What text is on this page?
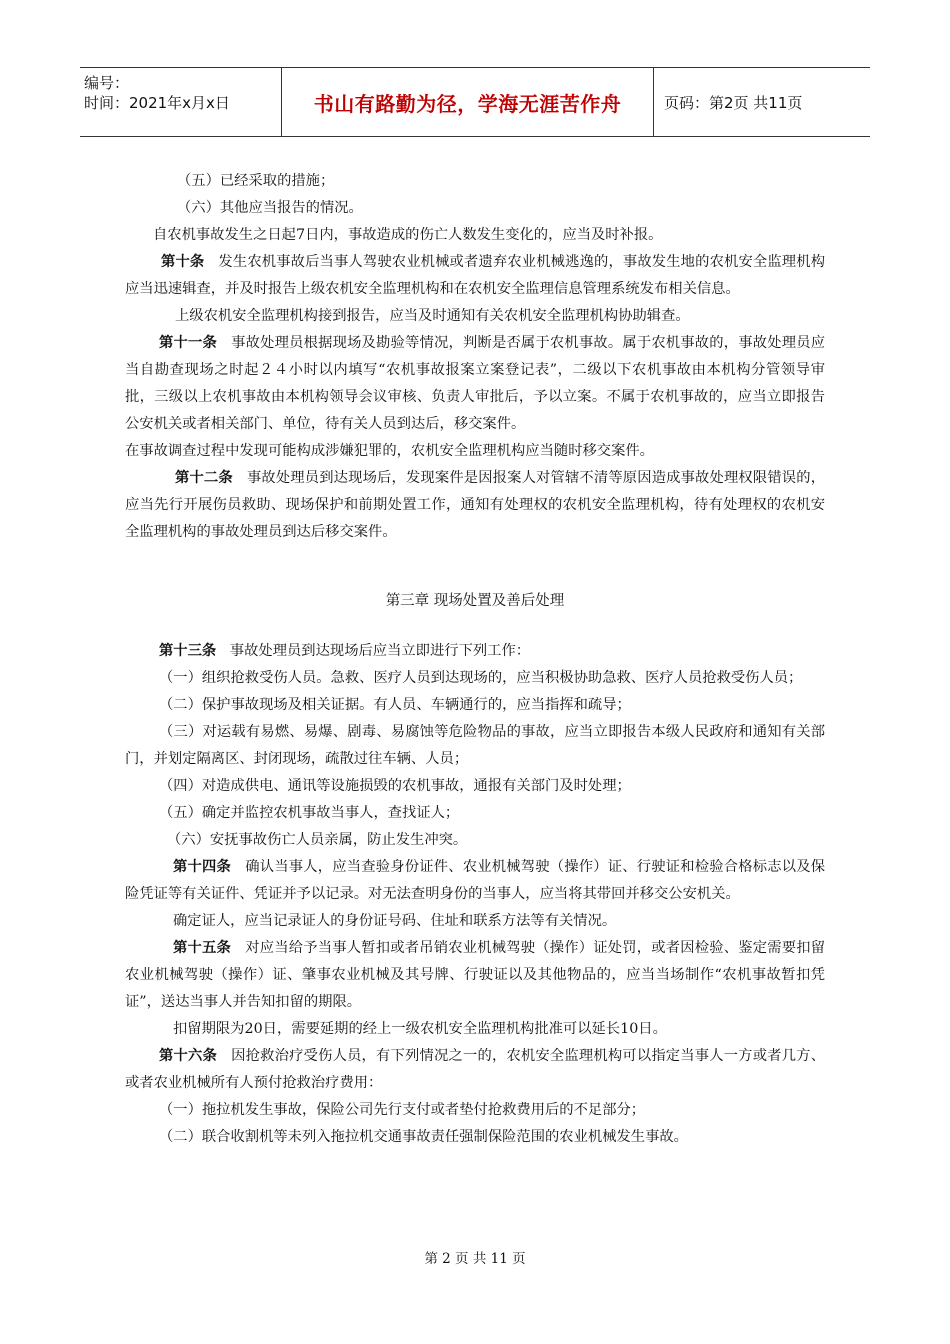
编号：
时间：2021年x月x日	书山有路勤为径，学海无涯苦作舟	页码：第2页 共11页

（五）已经采取的措施；

（六）其他应当报告的情况。

自农机事故发生之日起7日内，事故造成的伤亡人数发生变化的，应当及时补报。

第十条   发生农机事故后当事人驾驶农业机械或者遗弃农业机械逃逸的，事故发生地的农机安全监理机构应当迅速辑查，并及时报告上级农机安全监理机构和在农机安全监理信息管理系统发布相关信息。

上级农机安全监理机构接到报告，应当及时通知有关农机安全监理机构协助辑查。

第十一条   事故处理员根据现场及勘验等情况，判断是否属于农机事故。属于农机事故的，事故处理员应当自勘查现场之时起２４小时以内填写“农机事故报案立案登记表”，二级以下农机事故由本机构分管领导审批，三级以上农机事故由本机构领导会议审核、负责人审批后，予以立案。不属于农机事故的，应当立即报告公安机关或者相关部门、单位，待有关人员到达后，移交案件。

在事故调查过程中发现可能构成涉嫌犯罪的，农机安全监理机构应当随时移交案件。

第十二条   事故处理员到达现场后，发现案件是因报案人对管辖不清等原因造成事故处理权限错误的，应当先行开展伤员救助、现场保护和前期处置工作，通知有处理权的农机安全监理机构，待有处理权的农机安全监理机构的事故处理员到达后移交案件。

第三章 现场处置及善后处理

第十三条   事故处理员到达现场后应当立即进行下列工作：

（一）组织抢救受伤人员。急救、医疗人员到达现场的，应当积极协助急救、医疗人员抢救受伤人员；

（二）保护事故现场及相关证据。有人员、车辆通行的，应当指挥和疏导；

（三）对运载有易燃、易爆、剧毒、易腐蚀等危险物品的事故，应当立即报告本级人民政府和通知有关部门，并划定隔离区、封闭现场，疏散过往车辆、人员；

（四）对造成供电、通讯等设施损毁的农机事故，通报有关部门及时处理；

（五）确定并监控农机事故当事人，查找证人；

（六）安抚事故伤亡人员亲属，防止发生冲突。

第十四条   确认当事人，应当查验身份证件、农业机械驾驶（操作）证、行驶证和检验合格标志以及保险凭证等有关证件、凭证并予以记录。对无法查明身份的当事人，应当将其带回并移交公安机关。

确定证人，应当记录证人的身份证号码、住址和联系方法等有关情况。

第十五条   对应当给予当事人暂扣或者吊销农业机械驾驶（操作）证处罚，或者因检验、鉴定需要扣留农业机械驾驶（操作）证、肇事农业机械及其号牌、行驶证以及其他物品的，应当当场制作“农机事故暂扣凭证”，送达当事人并告知扣留的期限。

扣留期限为20日，需要延期的经上一级农机安全监理机构批准可以延长10日。

第十六条   因抢救治疗受伤人员，有下列情况之一的，农机安全监理机构可以指定当事人一方或者几方、或者农业机械所有人预付抢救治疗费用：

（一）拖拉机发生事故，保险公司先行支付或者垫付抢救费用后的不足部分；

（二）联合收割机等未列入拖拉机交通事故责任强制保险范围的农业机械发生事故。

第 2 页 共 11 页
